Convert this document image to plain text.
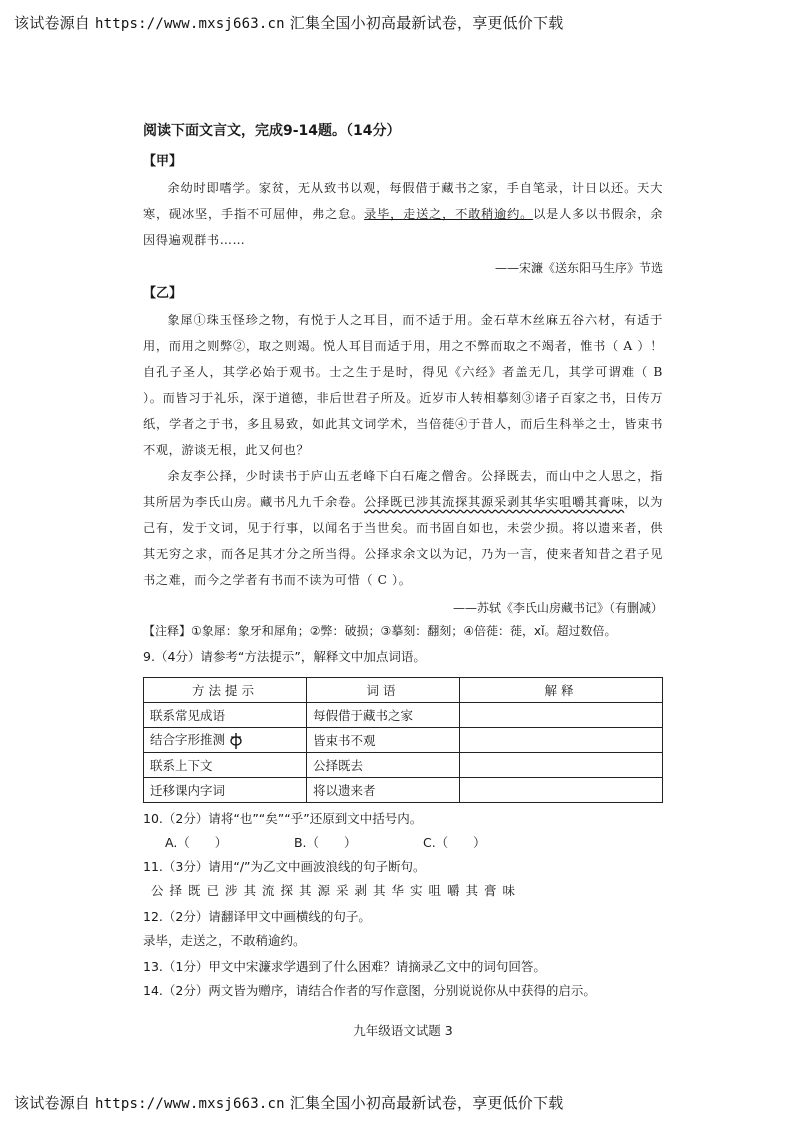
该试卷源自 https://www.mxsj663.cn 汇集全国小初高最新试卷，享更低价下载

阅读下面文言文，完成9-14题。（14分）

【甲】

余幼时即嗜学。家贫，无从致书以观，每假借于藏书之家，手自笔录，计日以还。天大寒，砚冰坚，手指不可屈伸，弗之怠。录毕，走送之，不敢稍逾约。以是人多以书假余，余因得遍观群书……

——宋濂《送东阳马生序》节选

【乙】

象犀①珠玉怪珍之物，有悦于人之耳目，而不适于用。金石草木丝麻五谷六材，有适于用，而用之则弊②，取之则竭。悦人耳目而适于用，用之不弊而取之不竭者，惟书（ A ）！自孔子圣人，其学必始于观书。士之生于是时，得见《六经》者盖无几，其学可谓难（ B ）。而皆习于礼乐，深于道德，非后世君子所及。近岁市人转相摹刻③诸子百家之书，日传万纸，学者之于书，多且易致，如此其文词学术，当倍蓰④于昔人，而后生科举之士，皆束书不观，游谈无根，此又何也？

余友李公择，少时读书于庐山五老峰下白石庵之僧舍。公择既去，而山中之人思之，指其所居为李氏山房。藏书凡九千余卷。公择既已涉其流探其源采剥其华实咀嚼其膏味，以为己有，发于文词，见于行事，以闻名于当世矣。而书固自如也，未尝少损。将以遗来者，供其无穷之求，而各足其才分之所当得。公择求余文以为记，乃为一言，使来者知昔之君子见书之难，而今之学者有书而不读为可惜（ C ）。

——苏轼《李氏山房藏书记》（有删减）

【注释】①象犀：象牙和犀角；②弊：破损；③摹刻：翻刻；④倍蓰：蓰，xǐ。超过数倍。

9.（4分）请参考“方法提示”，解释文中加点词语。

方法提示	词语	解释
联系常见成语	每假借于藏书之家	
结合字形推测	皆束书不观	
联系上下文	公择既去	
迁移课内字词	将以遗来者	

10.（2分）请将“也”“矣”“乎”还原到文中括号内。

A.（　　）	B.（　　）	C.（　　）

11.（3分）请用“/”为乙文中画波浪线的句子断句。

公择既已涉其流探其源采剥其华实咀嚼其膏味

12.（2分）请翻译甲文中画横线的句子。

录毕，走送之，不敢稍逾约。

13.（1分）甲文中宋濂求学遇到了什么困难？请摘录乙文中的词句回答。

14.（2分）两文皆为赠序，请结合作者的写作意图，分别说说你从中获得的启示。

九年级语文试题 3

该试卷源自 https://www.mxsj663.cn 汇集全国小初高最新试卷，享更低价下载
